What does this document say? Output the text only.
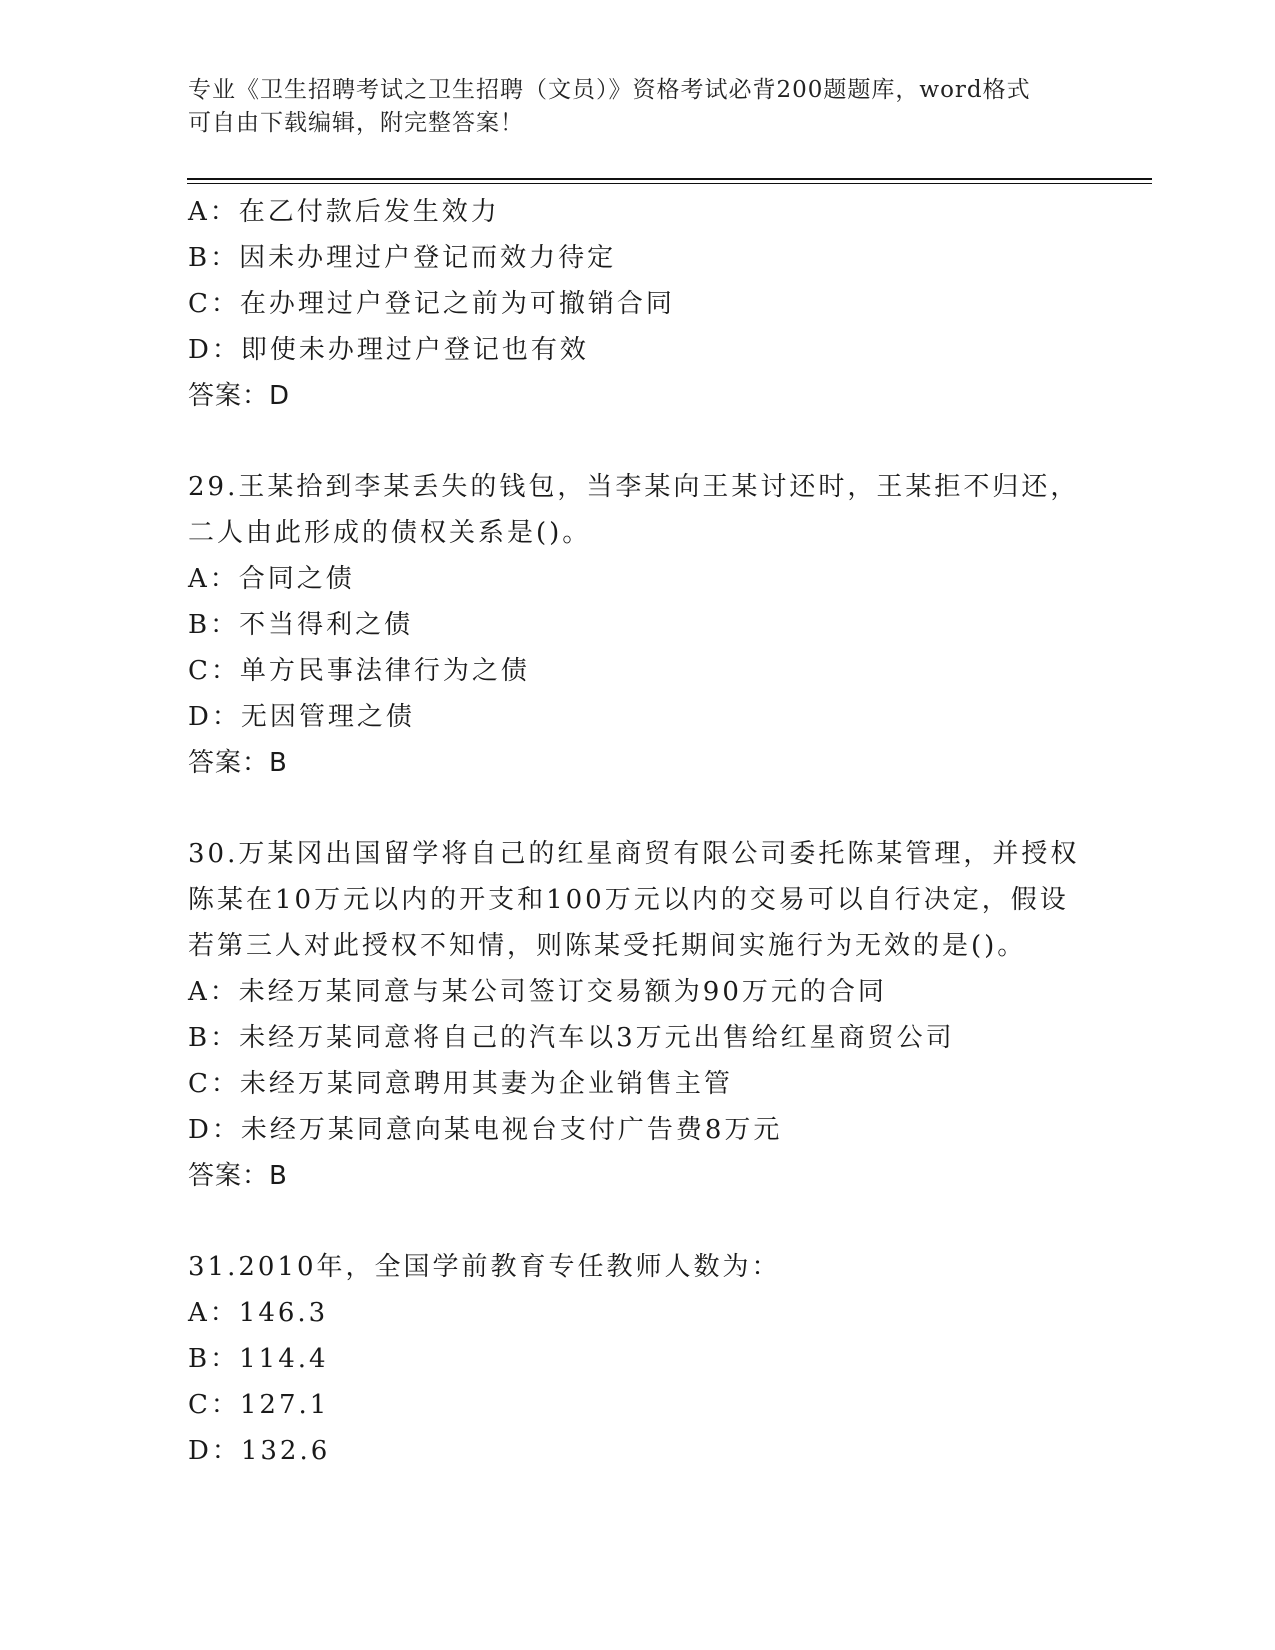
专业《卫生招聘考试之卫生招聘（文员）》资格考试必背200题题库，word格式
可自由下载编辑，附完整答案！
A：在乙付款后发生效力
B：因未办理过户登记而效力待定
C：在办理过户登记之前为可撤销合同
D：即使未办理过户登记也有效
答案：D
29.王某拾到李某丢失的钱包，当李某向王某讨还时，王某拒不归还，
二人由此形成的债权关系是()。
A：合同之债
B：不当得利之债
C：单方民事法律行为之债
D：无因管理之债
答案：B
30.万某冈出国留学将自己的红星商贸有限公司委托陈某管理，并授权
陈某在10万元以内的开支和100万元以内的交易可以自行决定，假设
若第三人对此授权不知情，则陈某受托期间实施行为无效的是()。
A：未经万某同意与某公司签订交易额为90万元的合同
B：未经万某同意将自己的汽车以3万元出售给红星商贸公司
C：未经万某同意聘用其妻为企业销售主管
D：未经万某同意向某电视台支付广告费8万元
答案：B
31.2010年，全国学前教育专任教师人数为：
A：146.3
B：114.4
C：127.1
D：132.6
